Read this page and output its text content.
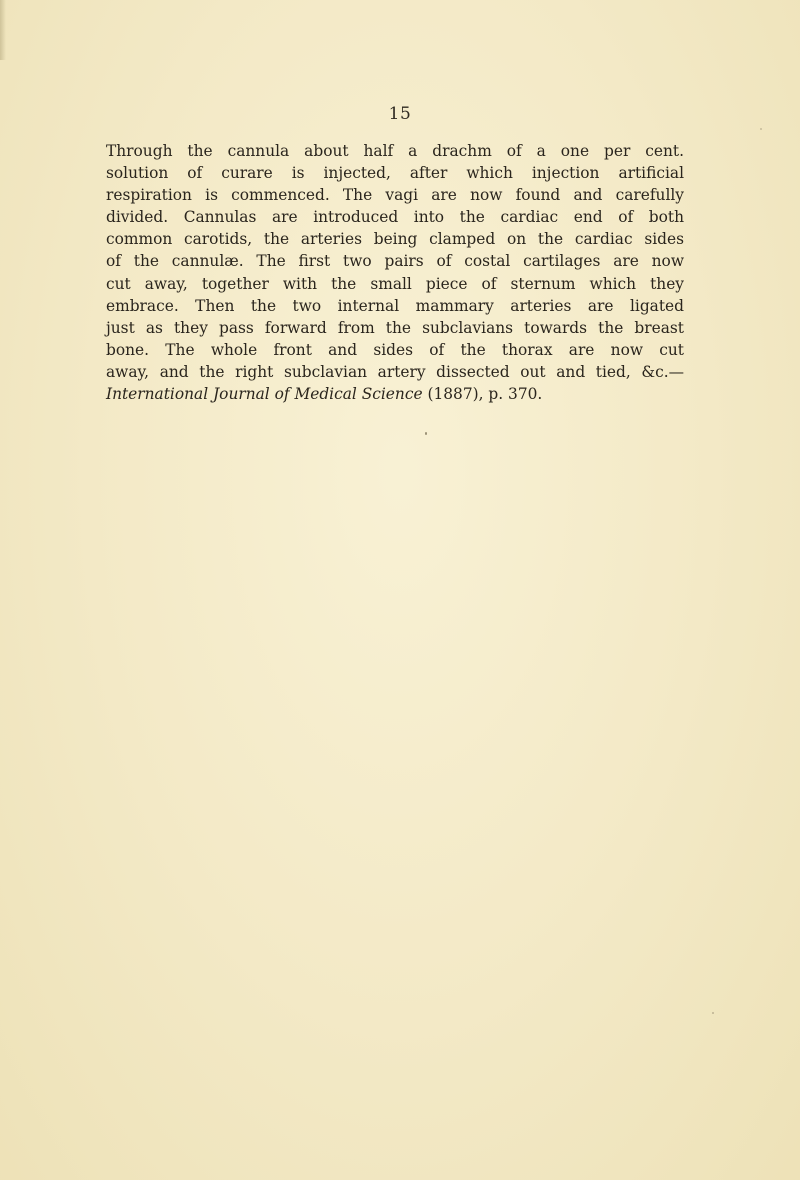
15
Through the cannula about half a drachm of a one per cent.
solution of curare is injected, after which injection artificial
respiration is commenced. The vagi are now found and carefully
divided. Cannulas are introduced into the cardiac end of both
common carotids, the arteries being clamped on the cardiac sides
of the cannulæ. The first two pairs of costal cartilages are now
cut away, together with the small piece of sternum which they
embrace. Then the two internal mammary arteries are ligated
just as they pass forward from the subclavians towards the breast
bone. The whole front and sides of the thorax are now cut
away, and the right subclavian artery dissected out and tied, &c.—
International Journal of Medical Science (1887), p. 370.
